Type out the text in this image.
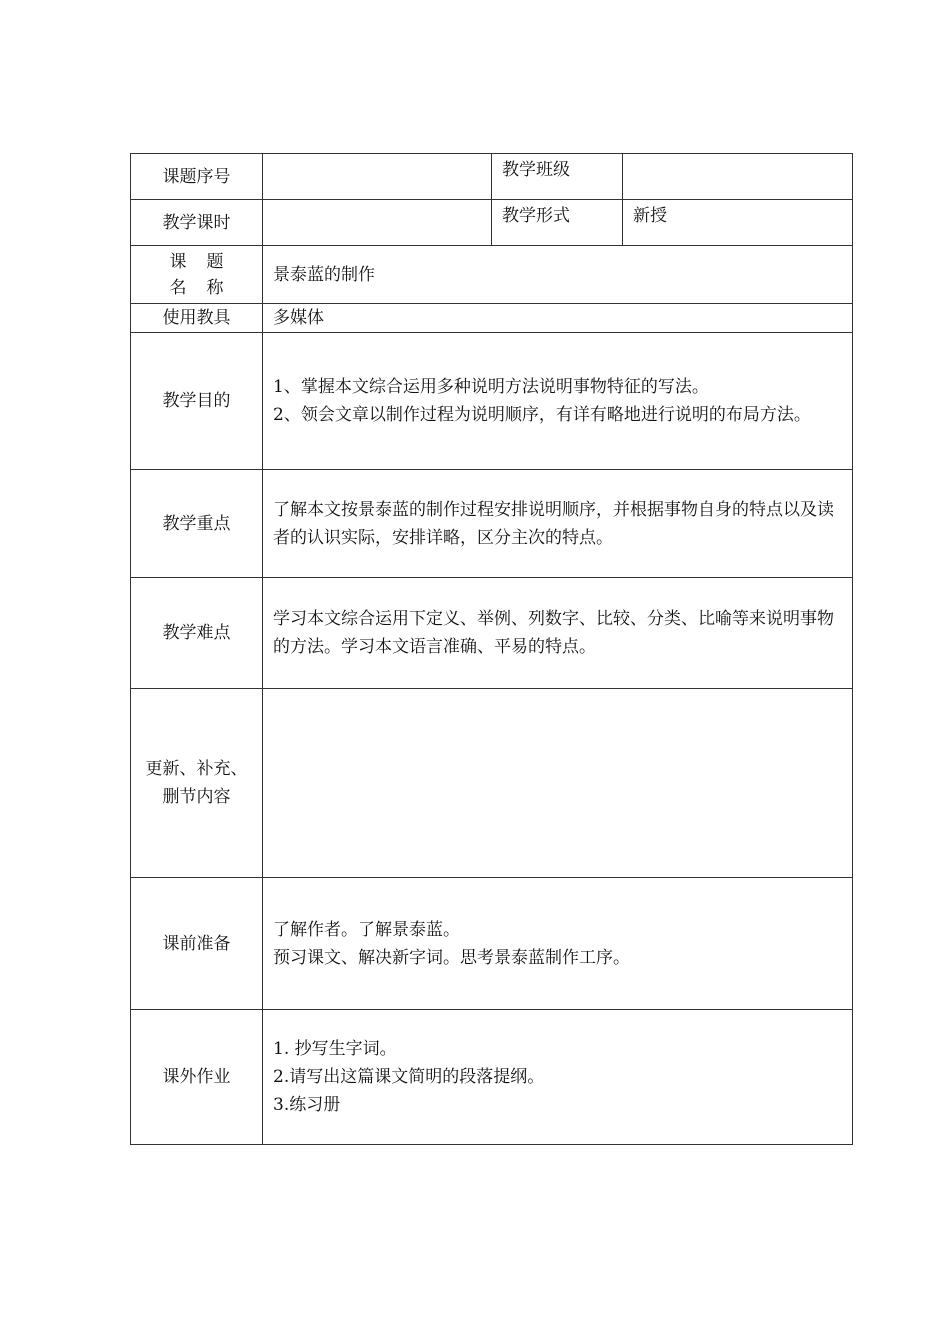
课题序号		教学班级	
教学课时		教学形式	新授

课题
名称	景泰蓝的制作		
使用教具	多媒体		
教学目的	1、掌握本文综合运用多种说明方法说明事物特征的写法。
2、领会文章以制作过程为说明顺序，有详有略地进行说明的布局方法。		

教学重点	了解本文按景泰蓝的制作过程安排说明顺序，并根据事物自身的特点以及读者的认识实际，安排详略，区分主次的特点。		
教学难点	学习本文综合运用下定义、举例、列数字、比较、分类、比喻等来说明事物的方法。学习本文语言准确、平易的特点。		

更新、补充、
删节内容			

课前准备	了解作者。了解景泰蓝。
预习课文、解决新字词。思考景泰蓝制作工序。		

课外作业	1. 抄写生字词。
2.请写出这篇课文简明的段落提纲。
3.练习册		
